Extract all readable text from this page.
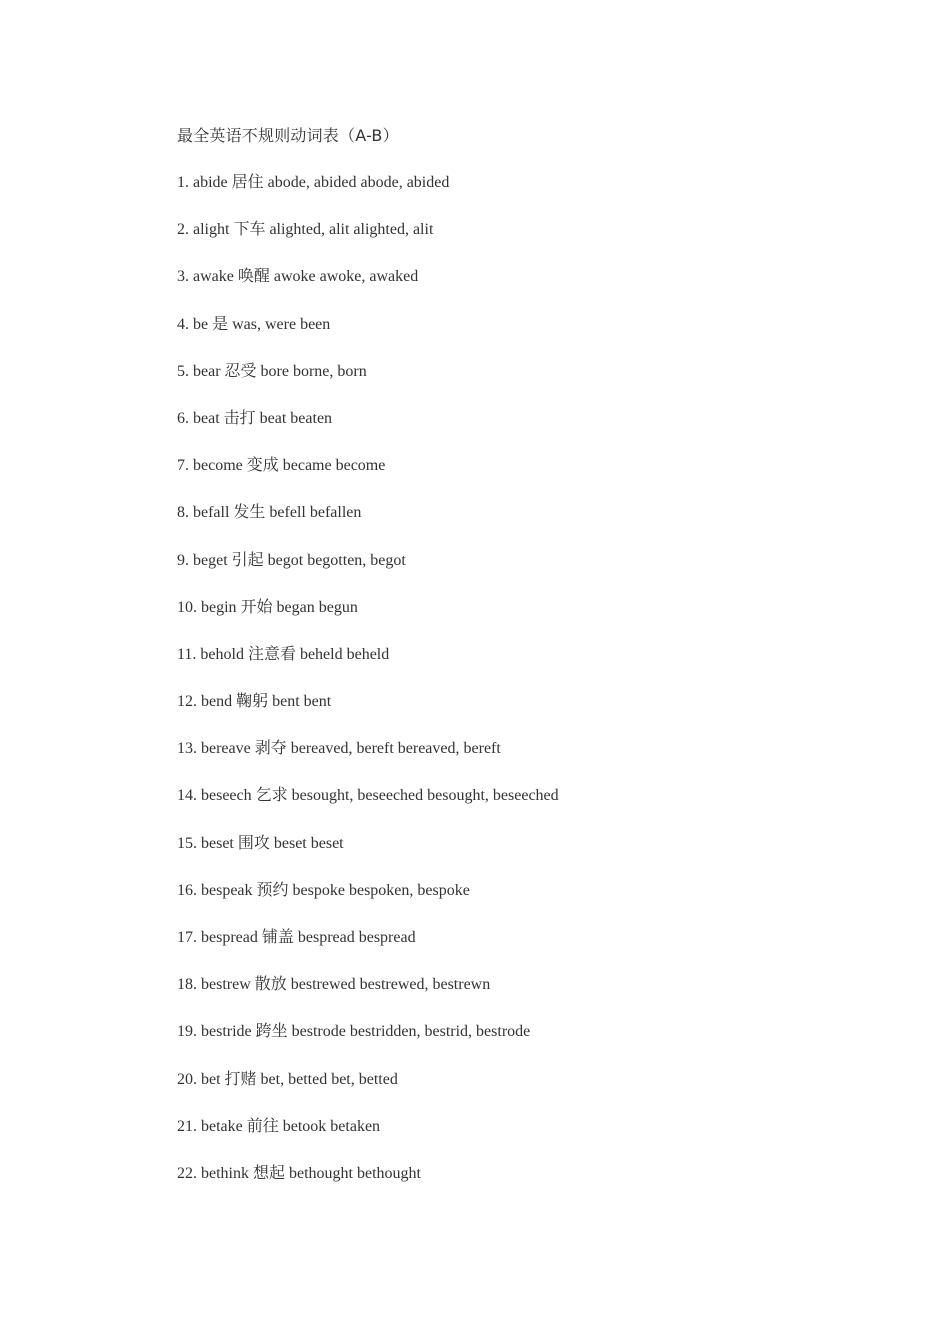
最全英语不规则动词表（A-B）
1. abide 居住 abode, abided abode, abided
2. alight 下车 alighted, alit alighted, alit
3. awake 唤醒 awoke awoke, awaked
4. be 是 was, were been
5. bear 忍受 bore borne, born
6. beat 击打 beat beaten
7. become 变成 became become
8. befall 发生 befell befallen
9. beget 引起 begot begotten, begot
10. begin 开始 began begun
11. behold 注意看 beheld beheld
12. bend 鞠躬 bent bent
13. bereave 剥夺 bereaved, bereft bereaved, bereft
14. beseech 乞求 besought, beseeched besought, beseeched
15. beset 围攻 beset beset
16. bespeak 预约 bespoke bespoken, bespoke
17. bespread 铺盖 bespread bespread
18. bestrew 散放 bestrewed bestrewed, bestrewn
19. bestride 跨坐 bestrode bestridden, bestrid, bestrode
20. bet 打赌 bet, betted bet, betted
21. betake 前往 betook betaken
22. bethink 想起 bethought bethought
